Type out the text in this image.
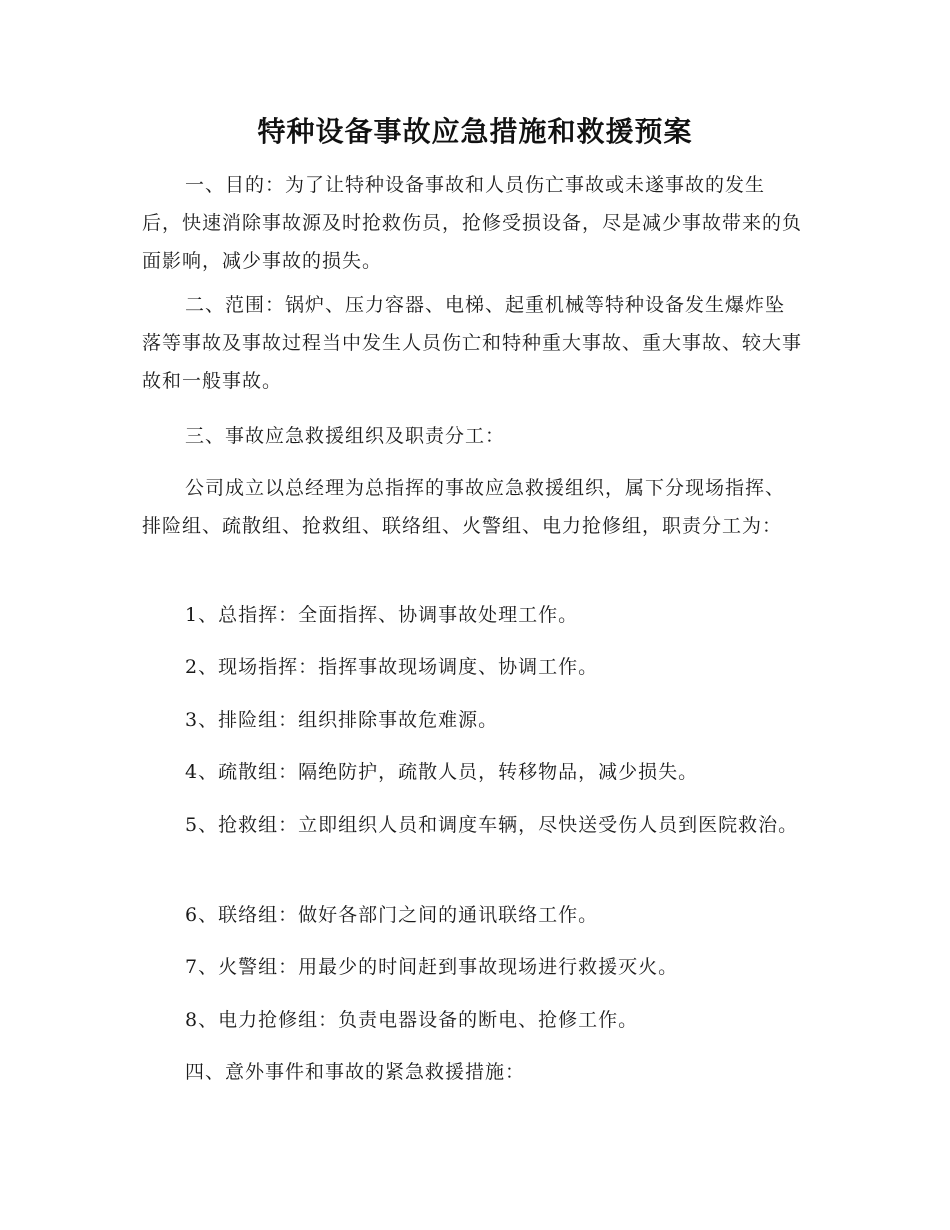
特种设备事故应急措施和救援预案
一、目的：为了让特种设备事故和人员伤亡事故或未遂事故的发生后，快速消除事故源及时抢救伤员，抢修受损设备，尽是减少事故带来的负面影响，减少事故的损失。
二、范围：锅炉、压力容器、电梯、起重机械等特种设备发生爆炸坠落等事故及事故过程当中发生人员伤亡和特种重大事故、重大事故、较大事故和一般事故。
三、事故应急救援组织及职责分工：
公司成立以总经理为总指挥的事故应急救援组织，属下分现场指挥、排险组、疏散组、抢救组、联络组、火警组、电力抢修组，职责分工为：
1、总指挥：全面指挥、协调事故处理工作。
2、现场指挥：指挥事故现场调度、协调工作。
3、排险组：组织排除事故危难源。
4、疏散组：隔绝防护，疏散人员，转移物品，减少损失。
5、抢救组：立即组织人员和调度车辆，尽快送受伤人员到医院救治。
6、联络组：做好各部门之间的通讯联络工作。
7、火警组：用最少的时间赶到事故现场进行救援灭火。
8、电力抢修组：负责电器设备的断电、抢修工作。
四、意外事件和事故的紧急救援措施：
